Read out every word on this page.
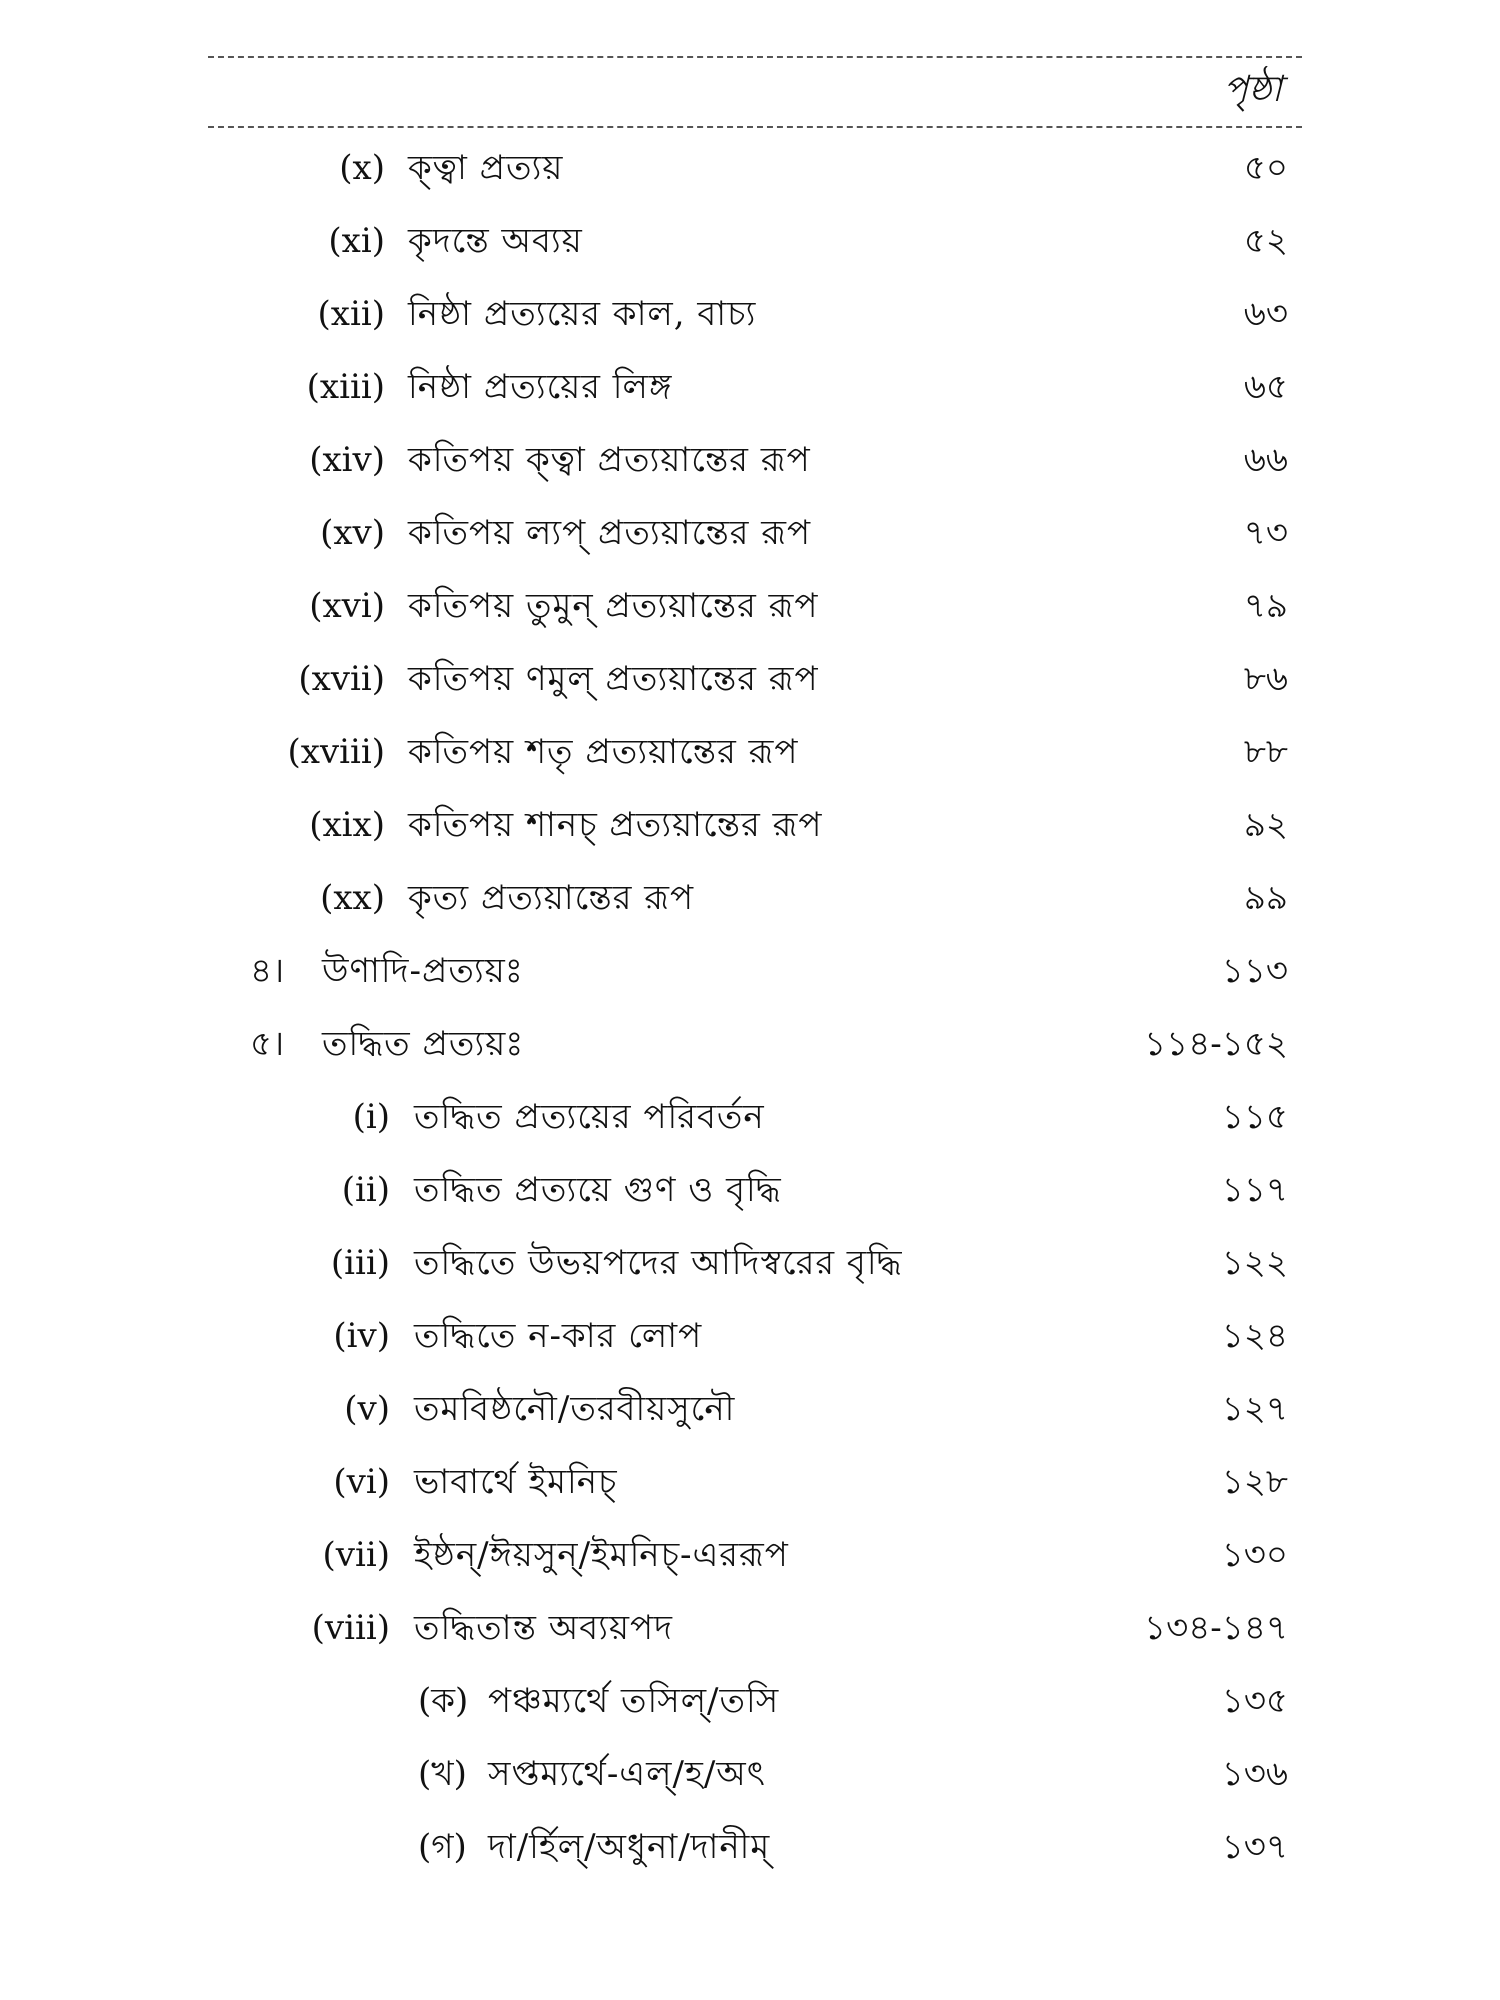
পৃষ্ঠা
(x) ক্ত্বা প্রত্যয়	৫০
(xi) কৃদন্তে অব্যয়	৫২
(xii) নিষ্ঠা প্রত্যয়ের কাল, বাচ্য	৬৩
(xiii) নিষ্ঠা প্রত্যয়ের লিঙ্গ	৬৫
(xiv) কতিপয় ক্ত্বা প্রত্যয়ান্তের রূপ	৬৬
(xv) কতিপয় ল্যপ্ প্রত্যয়ান্তের রূপ	৭৩
(xvi) কতিপয় তুমুন্ প্রত্যয়ান্তের রূপ	৭৯
(xvii) কতিপয় ণমুল্ প্রত্যয়ান্তের রূপ	৮৬
(xviii) কতিপয় শতৃ প্রত্যয়ান্তের রূপ	৮৮
(xix) কতিপয় শানচ্ প্রত্যয়ান্তের রূপ	৯২
(xx) কৃত্য প্রত্যয়ান্তের রূপ	৯৯
৪। উণাদি-প্রত্যয়ঃ	১১৩
৫। তদ্ধিত প্রত্যয়ঃ	১১৪-১৫২
(i) তদ্ধিত প্রত্যয়ের পরিবর্তন	১১৫
(ii) তদ্ধিত প্রত্যয়ে গুণ ও বৃদ্ধি	১১৭
(iii) তদ্ধিতে উভয়পদের আদিস্বরের বৃদ্ধি	১২২
(iv) তদ্ধিতে ন-কার লোপ	১২৪
(v) তমবিষ্ঠনৌ/তরবীয়সুনৌ	১২৭
(vi) ভাবার্থে ইমনিচ্	১২৮
(vii) ইষ্ঠন্/ঈয়সুন্/ইমনিচ্-এররূপ	১৩০
(viii) তদ্ধিতান্ত অব্যয়পদ	১৩৪-১৪৭
(ক) পঞ্চম্যর্থে তসিল্/তসি	১৩৫
(খ) সপ্তম্যর্থে-এল্/হ/অৎ	১৩৬
(গ) দা/র্হিল্/অধুনা/দানীম্	১৩৭
